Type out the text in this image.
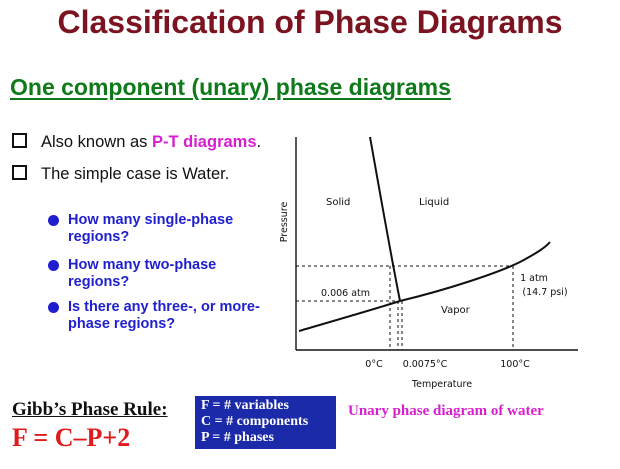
Classification of Phase Diagrams
One component (unary) phase diagrams
Also known as P-T diagrams.
The simple case is Water.
How many single-phase regions?
How many two-phase regions?
Is there any three-, or more-phase regions?
Pressure	Solid	Liquid
Vapor
0.006 atm
1 atm
(14.7 psi)
0°C 0.0075°C	100°C
Temperature
Gibb’s Phase Rule:
F = C–P+2
F = # variables
C = # components
P = # phases
Unary phase diagram of water
